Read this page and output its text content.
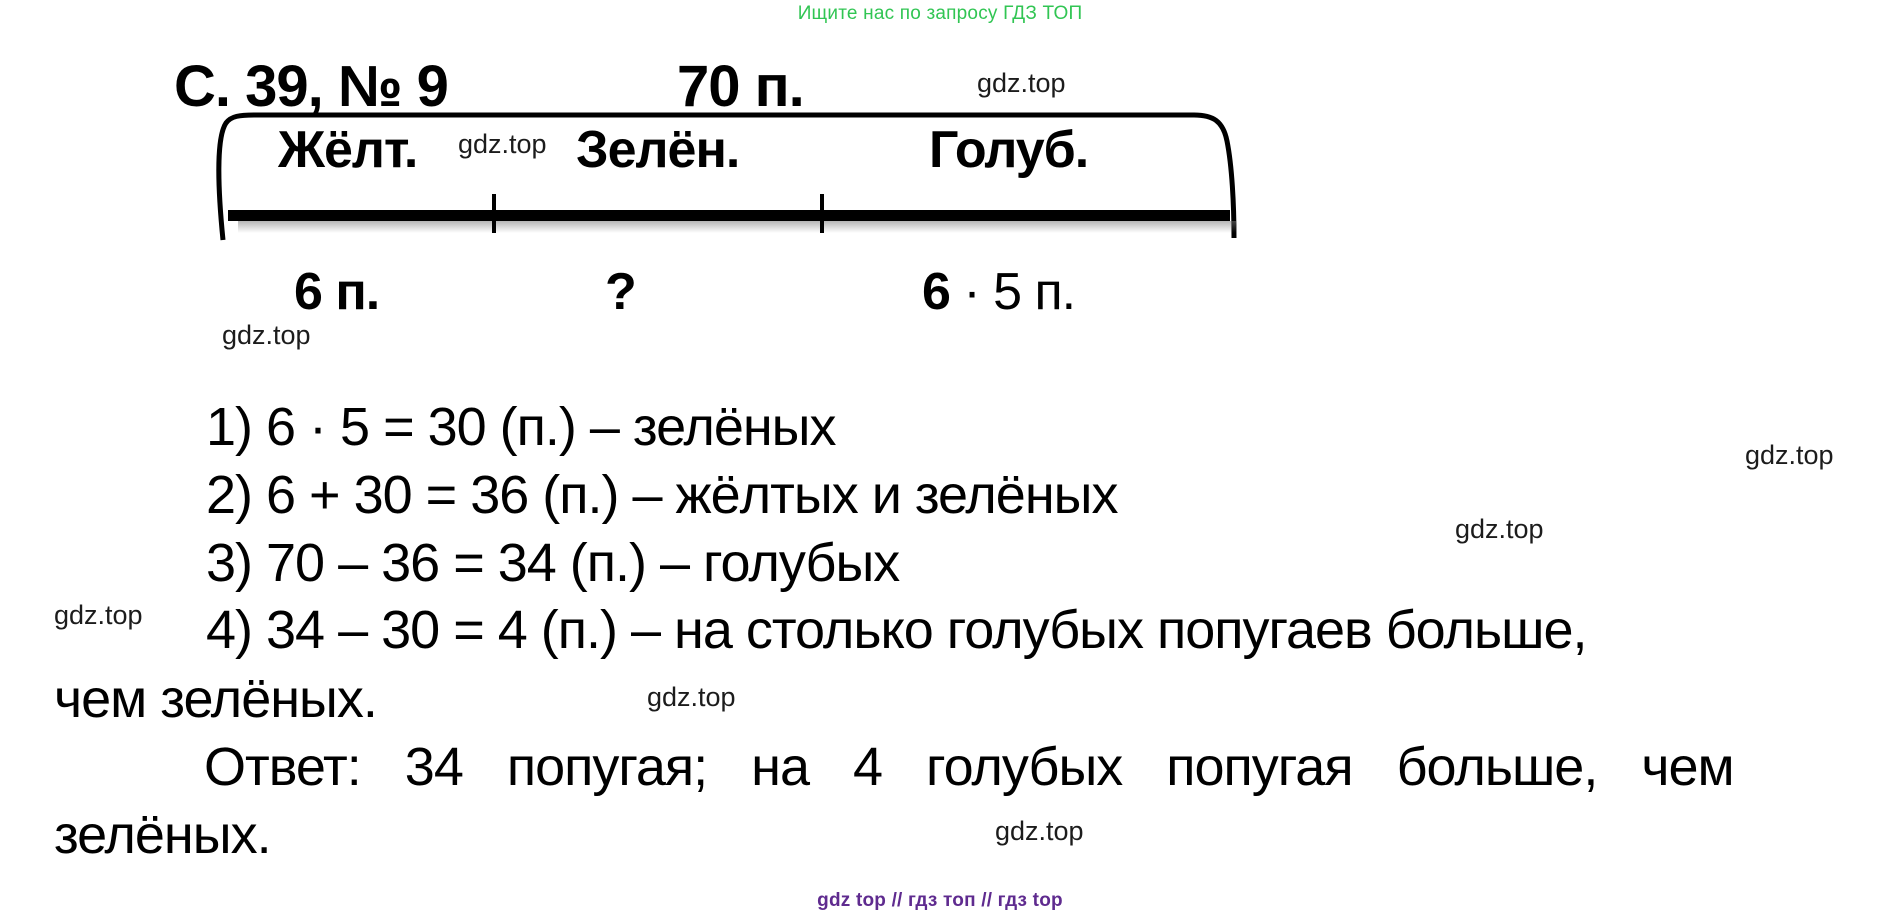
Ищите нас по запросу ГДЗ ТОП
С. 39, № 9	70 п.	gdz.top
Жёлт. gdz.top Зелён.	Голуб.
6 п.	?	6 · 5 п.
gdz.top
1) 6 · 5 = 30 (п.) – зелёных	gdz.top
2) 6 + 30 = 36 (п.) – жёлтых и зелёных
gdz.top
3) 70 – 36 = 34 (п.) – голубых
gdz.top 4) 34 – 30 = 4 (п.) – на столько голубых попугаев больше,
чем зелёных.	gdz.top
Ответ: 34 попугая; на 4 голубых попугая больше, чем
зелёных.	gdz.top
gdz top // гдз топ // гдз top
